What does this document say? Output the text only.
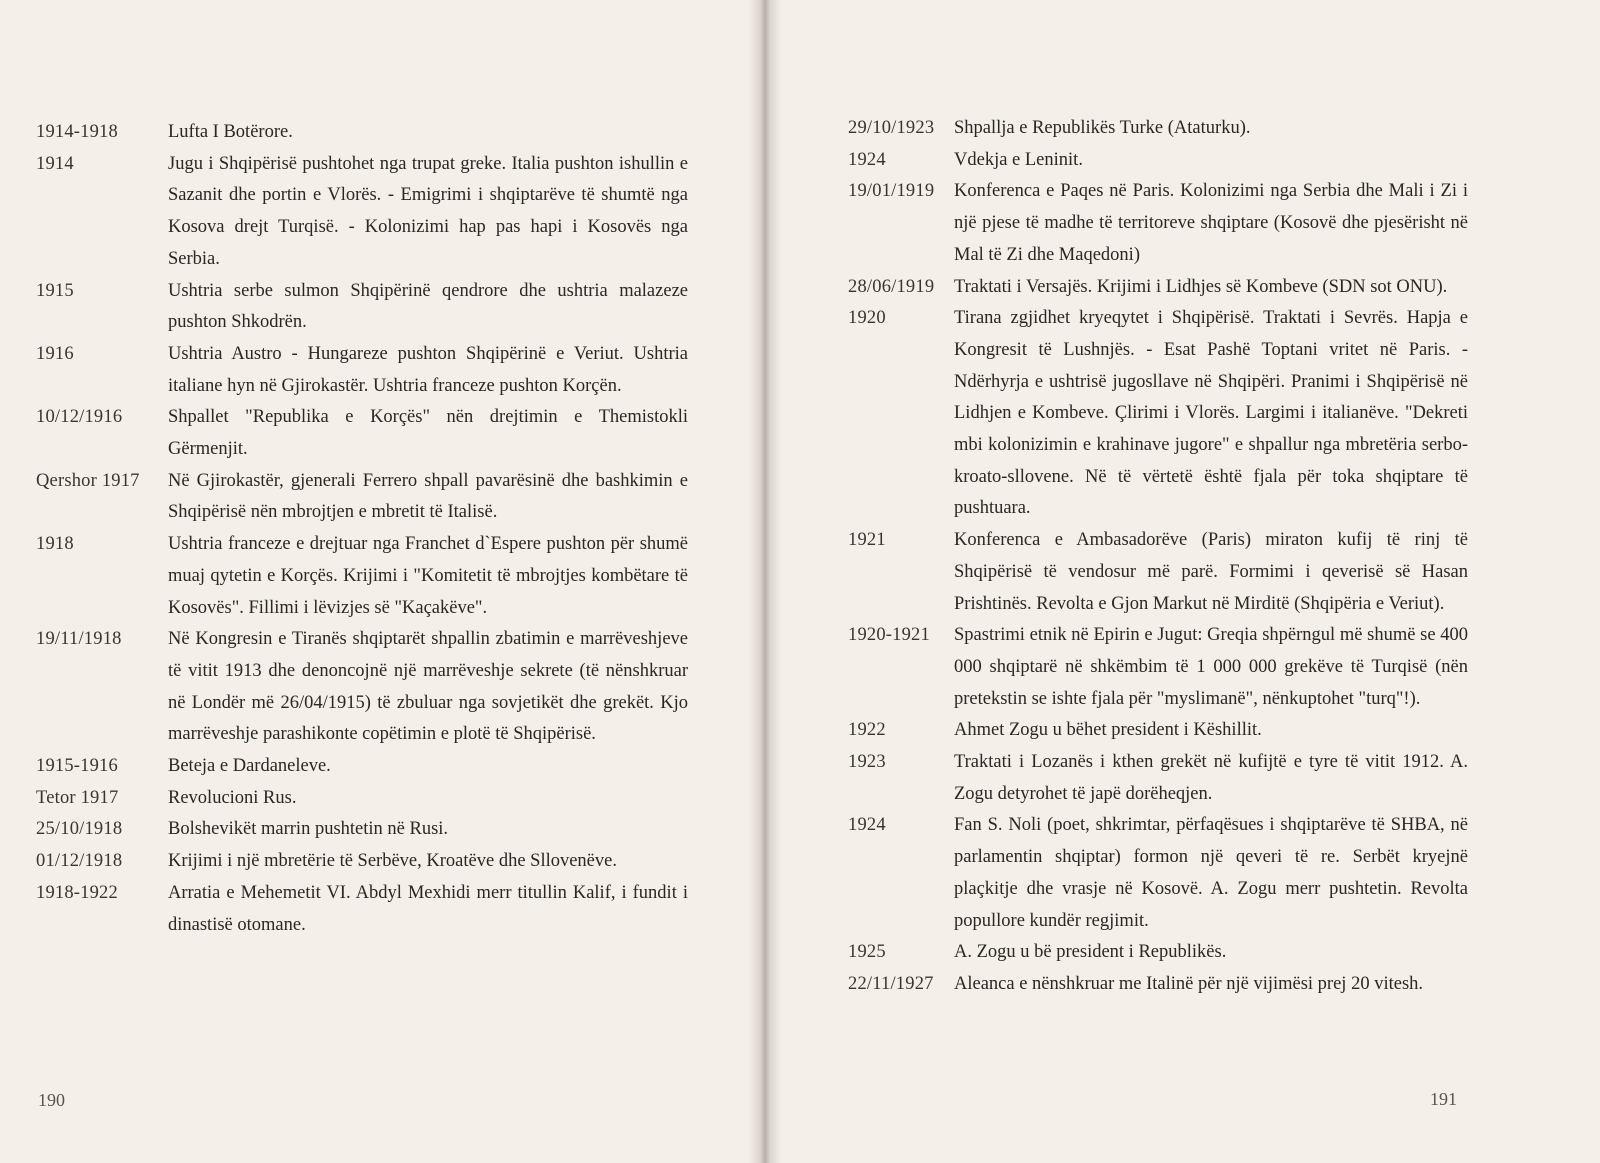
1914-1918	Lufta I Botërore.
1914	Jugu i Shqipërisë pushtohet nga trupat greke. Italia pushton ishullin e Sazanit dhe portin e Vlorës. - Emigrimi i shqiptarëve të shumtë nga Kosova drejt Turqisë. - Kolonizimi hap pas hapi i Kosovës nga Serbia.
1915	Ushtria serbe sulmon Shqipërinë qendrore dhe ushtria malazeze pushton Shkodrën.
1916	Ushtria Austro - Hungareze pushton Shqipërinë e Veriut. Ushtria italiane hyn në Gjirokastër. Ushtria franceze pushton Korçën.
10/12/1916	Shpallet "Republika e Korçës" nën drejtimin e Themistokli Gërmenjit.
Qershor 1917	Në Gjirokastër, gjenerali Ferrero shpall pavarësinë dhe bashkimin e Shqipërisë nën mbrojtjen e mbretit të Italisë.
1918	Ushtria franceze e drejtuar nga Franchet d`Espere pushton për shumë muaj qytetin e Korçës. Krijimi i "Komitetit të mbrojtjes kombëtare të Kosovës". Fillimi i lëvizjes së "Kaçakëve".
19/11/1918	Në Kongresin e Tiranës shqiptarët shpallin zbatimin e marrëveshjeve të vitit 1913 dhe denoncojnë një marrëveshje sekrete (të nënshkruar në Londër më 26/04/1915) të zbuluar nga sovjetikët dhe grekët. Kjo marrëveshje parashikonte copëtimin e plotë të Shqipërisë.
1915-1916	Beteja e Dardaneleve.
Tetor 1917	Revolucioni Rus.
25/10/1918	Bolshevikët marrin pushtetin në Rusi.
01/12/1918	Krijimi i një mbretërie të Serbëve, Kroatëve dhe Sllovenëve.
1918-1922	Arratia e Mehemetit VI. Abdyl Mexhidi merr titullin Kalif, i fundit i dinastisë otomane.
190
29/10/1923	Shpallja e Republikës Turke (Ataturku).
1924	Vdekja e Leninit.
19/01/1919	Konferenca e Paqes në Paris. Kolonizimi nga Serbia dhe Mali i Zi i një pjese të madhe të territoreve shqiptare (Kosovë dhe pjesërisht në Mal të Zi dhe Maqedoni)
28/06/1919	Traktati i Versajës. Krijimi i Lidhjes së Kombeve (SDN sot ONU).
1920	Tirana zgjidhet kryeqytet i Shqipërisë. Traktati i Sevrës. Hapja e Kongresit të Lushnjës. - Esat Pashë Toptani vritet në Paris. - Ndërhyrja e ushtrisë jugosllave në Shqipëri. Pranimi i Shqipërisë në Lidhjen e Kombeve. Çlirimi i Vlorës. Largimi i italianëve. "Dekreti mbi kolonizimin e krahinave jugore" e shpallur nga mbretëria serbo-kroato-sllovene. Në të vërtetë është fjala për toka shqiptare të pushtuara.
1921	Konferenca e Ambasadorëve (Paris) miraton kufij të rinj të Shqipërisë të vendosur më parë. Formimi i qeverisë së Hasan Prishtinës. Revolta e Gjon Markut në Mirditë (Shqipëria e Veriut).
1920-1921	Spastrimi etnik në Epirin e Jugut: Greqia shpërngul më shumë se 400 000 shqiptarë në shkëmbim të 1 000 000 grekëve të Turqisë (nën pretekstin se ishte fjala për "myslimanë", nënkuptohet "turq"!).
1922	Ahmet Zogu u bëhet president i Këshillit.
1923	Traktati i Lozanës i kthen grekët në kufijtë e tyre të vitit 1912. A. Zogu detyrohet të japë dorëheqjen.
1924	Fan S. Noli (poet, shkrimtar, përfaqësues i shqiptarëve të SHBA, në parlamentin shqiptar) formon një qeveri të re. Serbët kryejnë plaçkitje dhe vrasje në Kosovë. A. Zogu merr pushtetin. Revolta popullore kundër regjimit.
1925	A. Zogu u bë president i Republikës.
22/11/1927	Aleanca e nënshkruar me Italinë për një vijimësi prej 20 vitesh.
191
